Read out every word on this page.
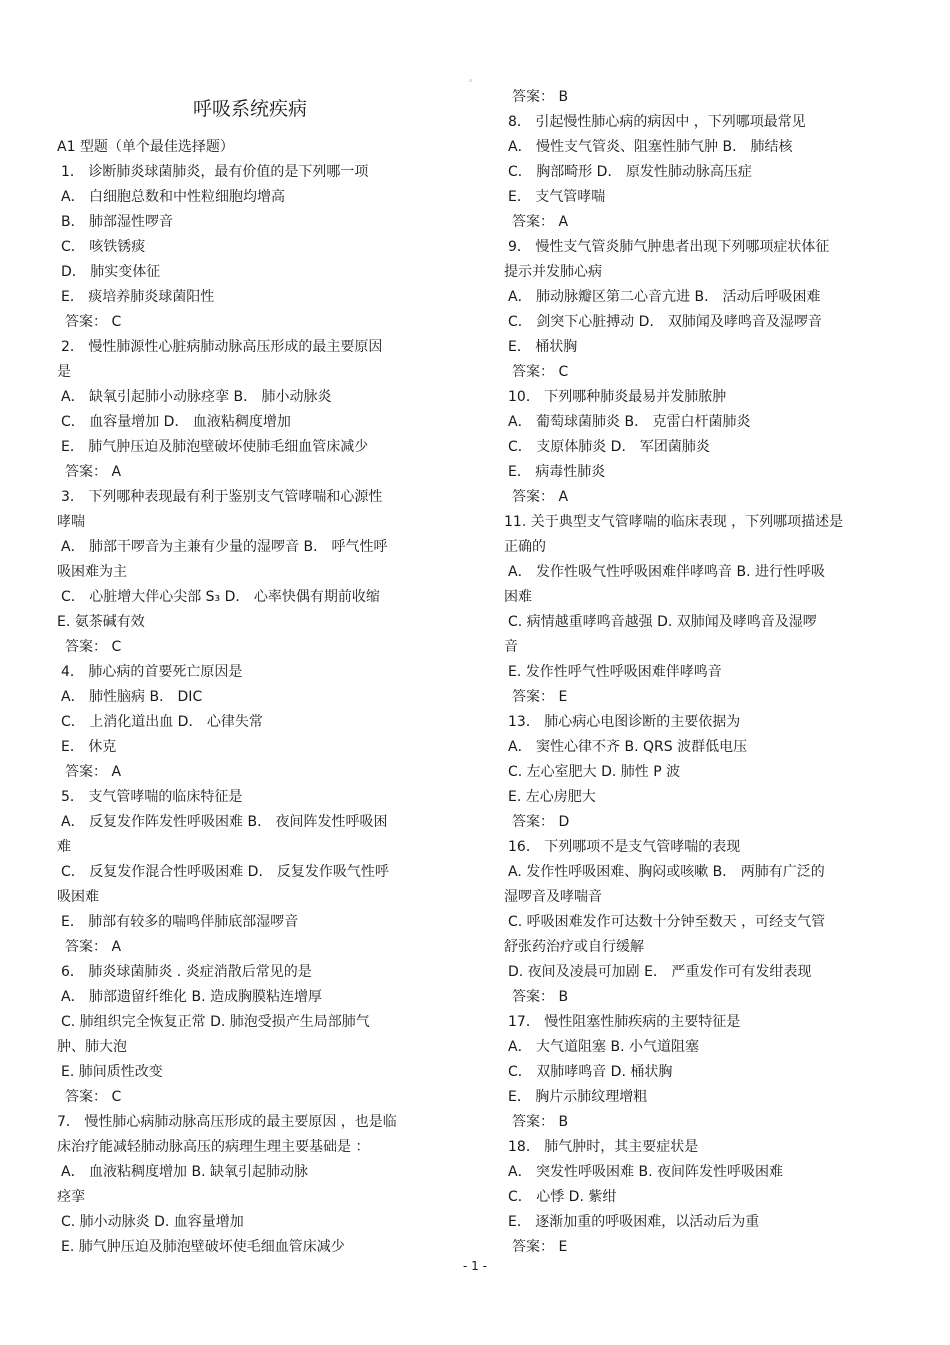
。
呼吸系统疾病
A1 型题（单个最佳选择题）
1． 诊断肺炎球菌肺炎，最有价值的是下列哪一项
A． 白细胞总数和中性粒细胞均增高
B． 肺部湿性啰音
C． 咳铁锈痰
D． 肺实变体征
E． 痰培养肺炎球菌阳性
答案： C
2． 慢性肺源性心脏病肺动脉高压形成的最主要原因
是
A． 缺氧引起肺小动脉痉挛 B． 肺小动脉炎
C． 血容量增加 D． 血液粘稠度增加
E． 肺气肿压迫及肺泡壁破坏使肺毛细血管床减少
答案： A
3． 下列哪种表现最有利于鉴别支气管哮喘和心源性
哮喘
A． 肺部干啰音为主兼有少量的湿啰音 B． 呼气性呼
吸困难为主
C． 心脏增大伴心尖部 S₃ D． 心率快偶有期前收缩
E. 氨茶碱有效
答案： C
4． 肺心病的首要死亡原因是
A． 肺性脑病 B． DIC
C． 上消化道出血 D． 心律失常
E． 休克
答案： A
5． 支气管哮喘的临床特征是
A． 反复发作阵发性呼吸困难 B． 夜间阵发性呼吸困
难
C． 反复发作混合性呼吸困难 D． 反复发作吸气性呼
吸困难
E． 肺部有较多的喘鸣伴肺底部湿啰音
答案： A
6． 肺炎球菌肺炎 . 炎症消散后常见的是
A． 肺部遗留纤维化 B. 造成胸膜粘连增厚
C. 肺组织完全恢复正常 D. 肺泡受损产生局部肺气
肿、肺大泡
E. 肺间质性改变
答案： C
7． 慢性肺心病肺动脉高压形成的最主要原因 ，也是临
床治疗能减轻肺动脉高压的病理生理主要基础是 ：
A． 血液粘稠度增加 B. 缺氧引起肺动脉
痉挛
C. 肺小动脉炎 D. 血容量增加
E. 肺气肿压迫及肺泡壁破坏使毛细血管床减少
答案： B
8． 引起慢性肺心病的病因中 ，下列哪项最常见
A． 慢性支气管炎、阻塞性肺气肿 B． 肺结核
C． 胸部畸形 D． 原发性肺动脉高压症
E． 支气管哮喘
答案： A
9． 慢性支气管炎肺气肿患者出现下列哪项症状体征
提示并发肺心病
A． 肺动脉瓣区第二心音亢进 B． 活动后呼吸困难
C． 剑突下心脏搏动 D． 双肺闻及哮鸣音及湿啰音
E． 桶状胸
答案： C
10． 下列哪种肺炎最易并发肺脓肿
A． 葡萄球菌肺炎 B． 克雷白杆菌肺炎
C． 支原体肺炎 D． 军团菌肺炎
E． 病毒性肺炎
答案： A
11. 关于典型支气管哮喘的临床表现 ，下列哪项描述是
正确的
A． 发作性吸气性呼吸困难伴哮鸣音 B. 进行性呼吸
困难
C. 病情越重哮鸣音越强 D. 双肺闻及哮鸣音及湿啰
音
E. 发作性呼气性呼吸困难伴哮鸣音
答案： E
13． 肺心病心电图诊断的主要依据为
A． 窦性心律不齐 B. QRS 波群低电压
C. 左心室肥大 D. 肺性 P 波
E. 左心房肥大
答案： D
16． 下列哪项不是支气管哮喘的表现
A. 发作性呼吸困难、胸闷或咳嗽 B． 两肺有广泛的
湿啰音及哮喘音
C. 呼吸困难发作可达数十分钟至数天 ，可经支气管
舒张药治疗或自行缓解
D. 夜间及凌晨可加剧 E． 严重发作可有发绀表现
答案： B
17． 慢性阻塞性肺疾病的主要特征是
A． 大气道阻塞 B. 小气道阻塞
C． 双肺哮鸣音 D. 桶状胸
E． 胸片示肺纹理增粗
答案： B
18． 肺气肿时，其主要症状是
A． 突发性呼吸困难 B. 夜间阵发性呼吸困难
C． 心悸 D. 紫绀
E． 逐渐加重的呼吸困难，以活动后为重
答案： E
- 1 -
